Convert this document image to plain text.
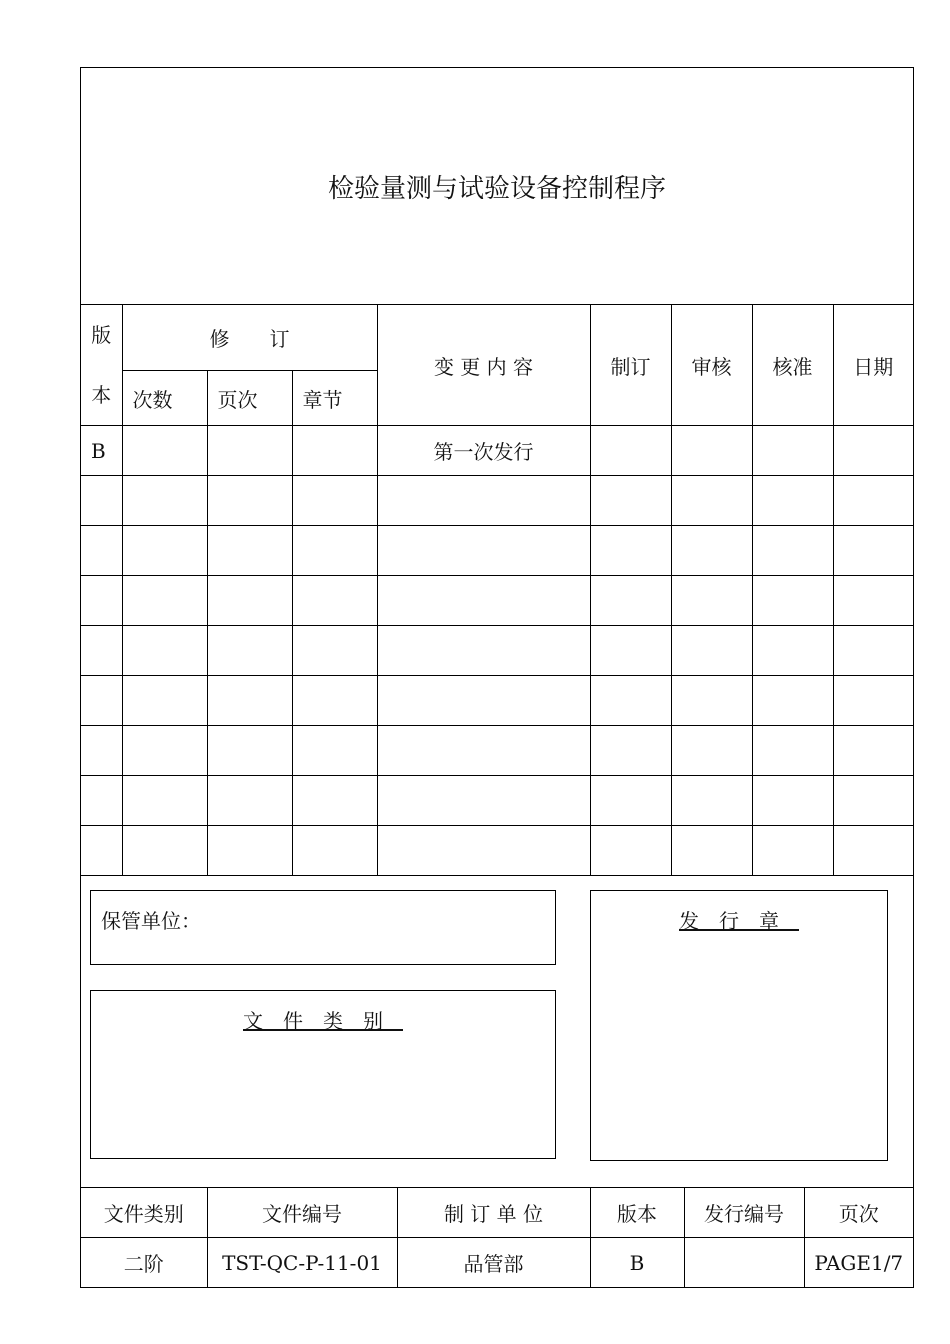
检验量测与试验设备控制程序
版
本	修　　订			变 更 内 容	制订	审核	核准	日期
	次数	页次	章节					
B				第一次发行				

保管单位：
文件类别
发行章
文件类别	文件编号	制 订 单 位	版本	发行编号	页次
二阶	TST-QC-P-11-01	品管部	B		PAGE1/7
